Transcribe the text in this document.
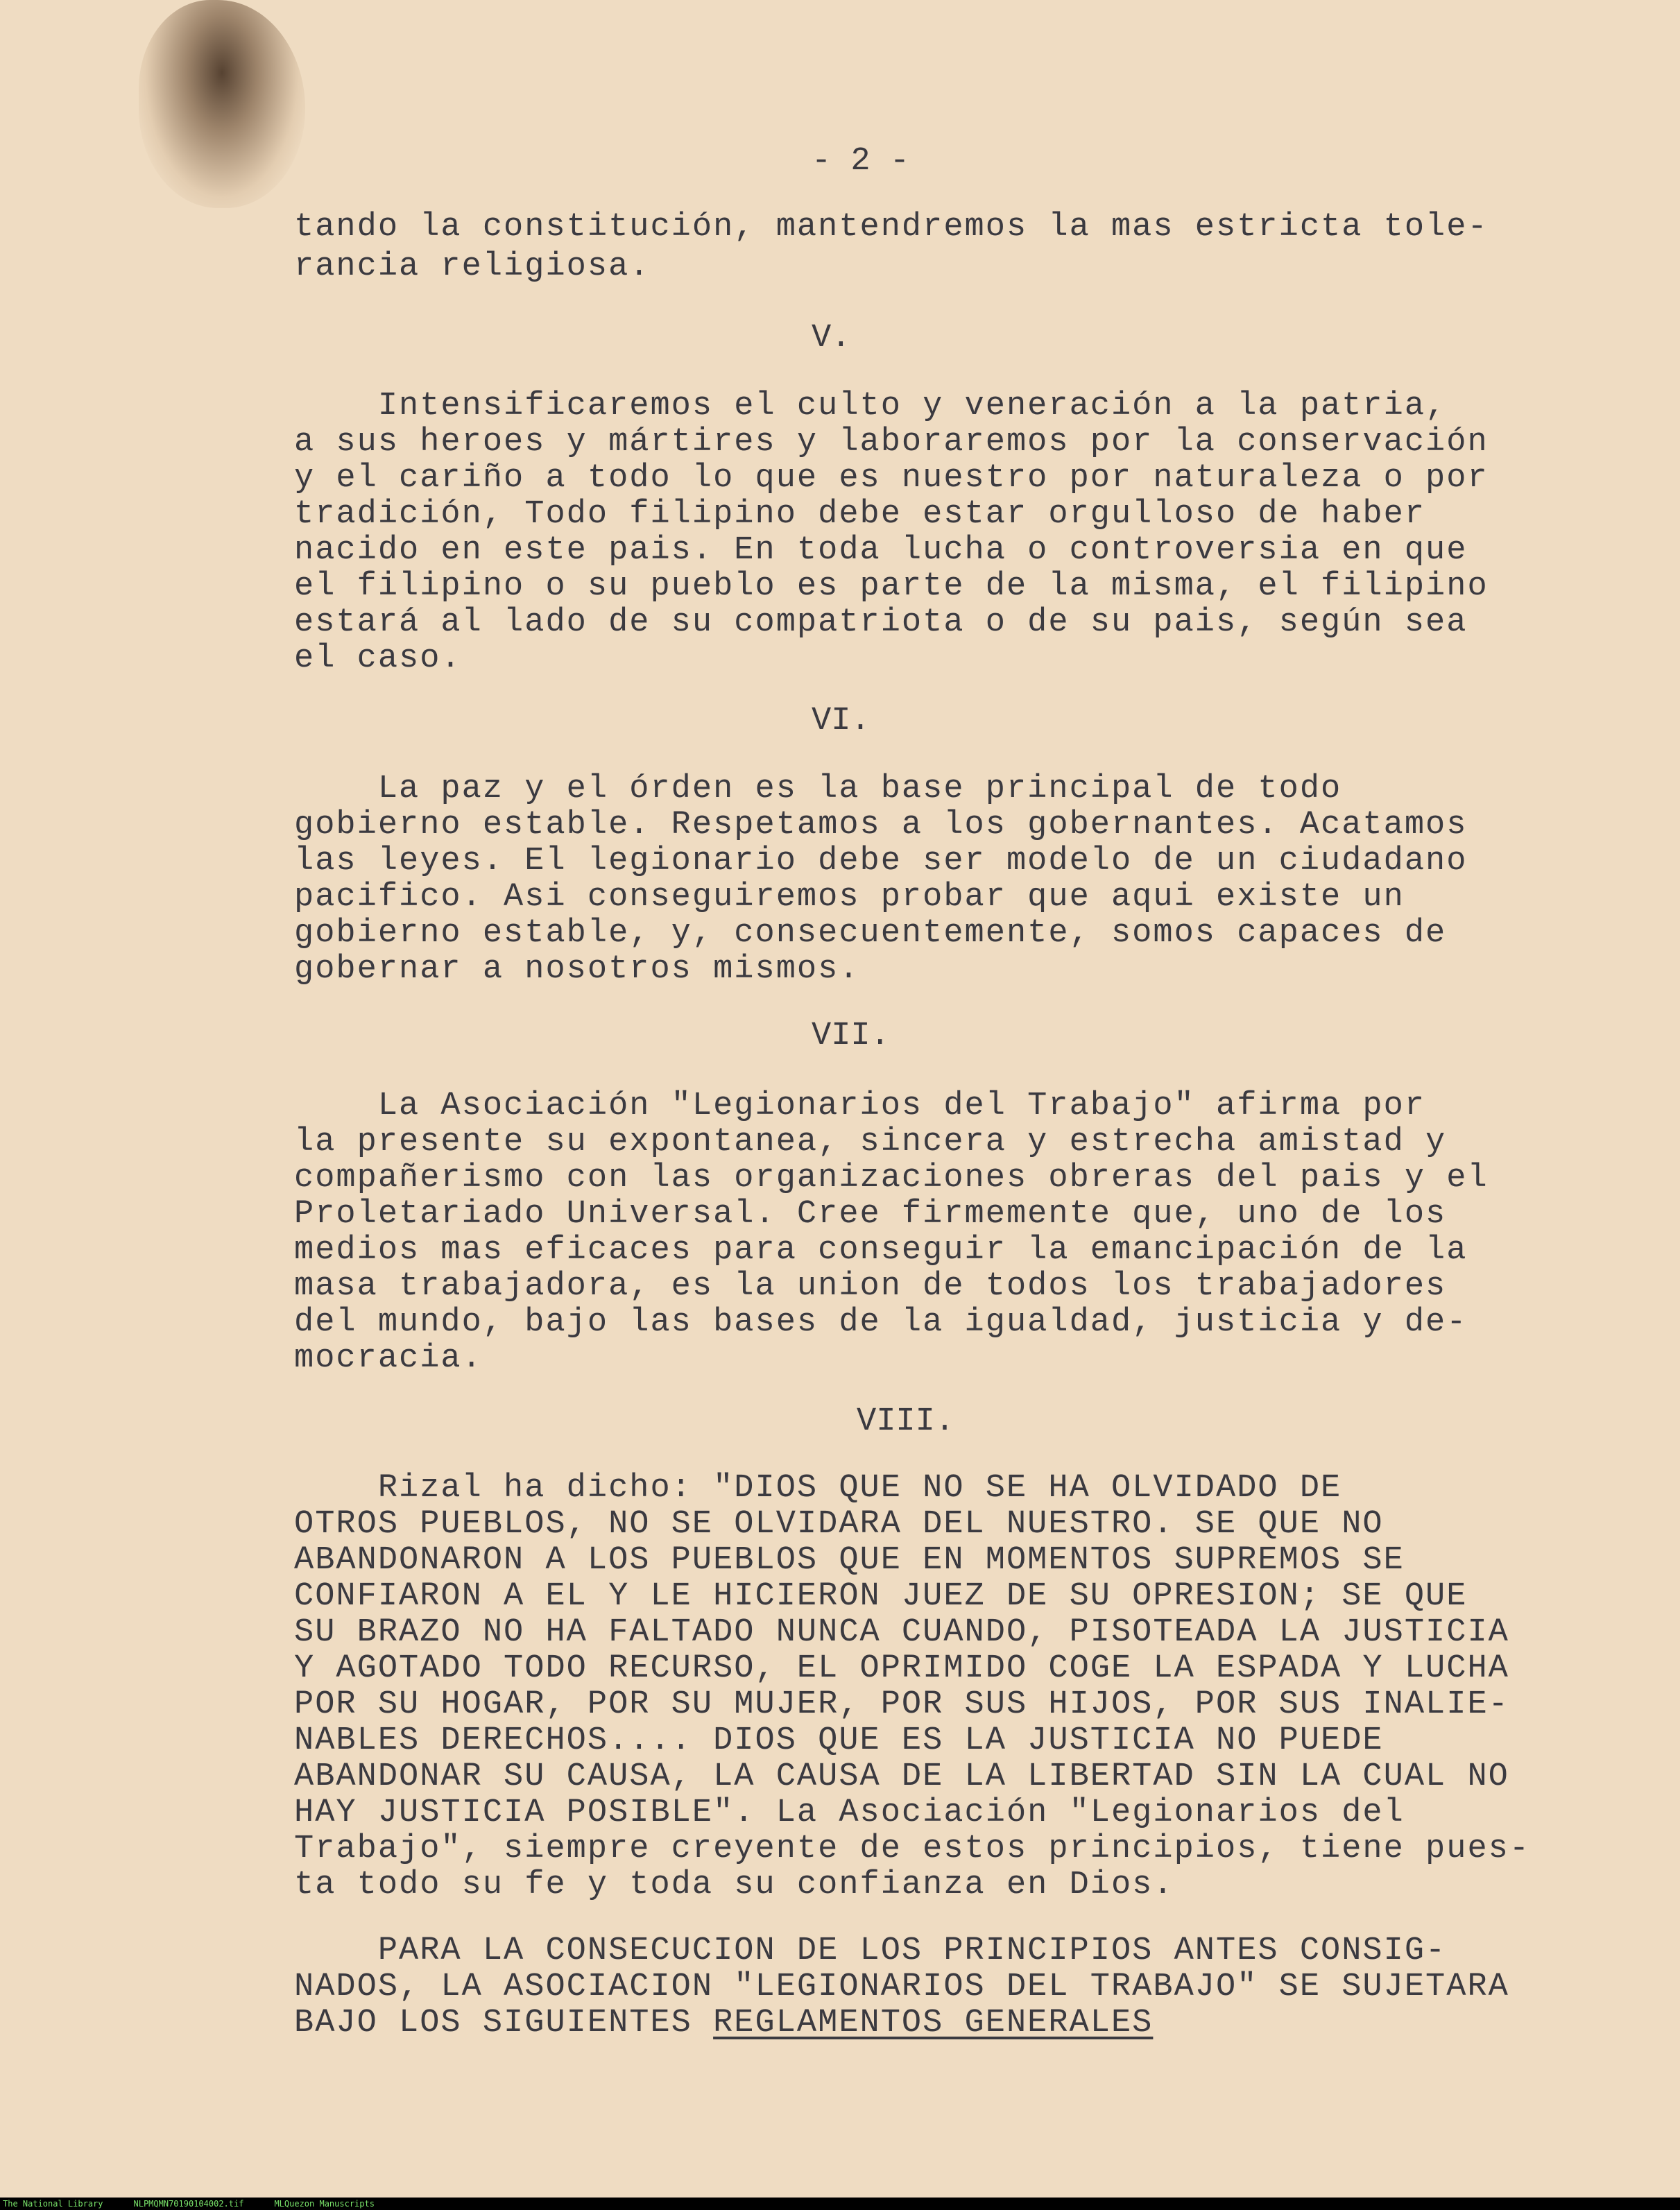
- 2 -

tando la constitución, mantendremos la mas estricta tole-

rancia religiosa.

V.

Intensificaremos el culto y veneración a la patria,

a sus heroes y mártires y laboraremos por la conservación

y el cariño a todo lo que es nuestro por naturaleza o por

tradición, Todo filipino debe estar orgulloso de haber

nacido en este pais. En toda lucha o controversia en que

el filipino o su pueblo es parte de la misma, el filipino

estará al lado de su compatriota o de su pais, según sea

el caso.

VI.

La paz y el órden es la base principal de todo

gobierno estable. Respetamos a los gobernantes. Acatamos

las leyes. El legionario debe ser modelo de un ciudadano

pacifico. Asi conseguiremos probar que aqui existe un

gobierno estable, y, consecuentemente, somos capaces de

gobernar a nosotros mismos.

VII.

La Asociación "Legionarios del Trabajo" afirma por

la presente su expontanea, sincera y estrecha amistad y

compañerismo con las organizaciones obreras del pais y el

Proletariado Universal. Cree firmemente que, uno de los

medios mas eficaces para conseguir la emancipación de la

masa trabajadora, es la union de todos los trabajadores

del mundo, bajo las bases de la igualdad, justicia y de-

mocracia.

VIII.

Rizal ha dicho: "DIOS QUE NO SE HA OLVIDADO DE

OTROS PUEBLOS, NO SE OLVIDARA DEL NUESTRO. SE QUE NO

ABANDONARON A LOS PUEBLOS QUE EN MOMENTOS SUPREMOS SE

CONFIARON A EL Y LE HICIERON JUEZ DE SU OPRESION; SE QUE

SU BRAZO NO HA FALTADO NUNCA CUANDO, PISOTEADA LA JUSTICIA

Y AGOTADO TODO RECURSO, EL OPRIMIDO COGE LA ESPADA Y LUCHA

POR SU HOGAR, POR SU MUJER, POR SUS HIJOS, POR SUS INALIE-

NABLES DERECHOS.... DIOS QUE ES LA JUSTICIA NO PUEDE

ABANDONAR SU CAUSA, LA CAUSA DE LA LIBERTAD SIN LA CUAL NO

HAY JUSTICIA POSIBLE". La Asociación "Legionarios del

Trabajo", siempre creyente de estos principios, tiene pues-

ta todo su fe y toda su confianza en Dios.

PARA LA CONSECUCION DE LOS PRINCIPIOS ANTES CONSIG-

NADOS, LA ASOCIACION "LEGIONARIOS DEL TRABAJO" SE SUJETARA

BAJO LOS SIGUIENTES REGLAMENTOS GENERALES

The National Library	NLPMQMN70190104002.tif	MLQuezon Manuscripts
